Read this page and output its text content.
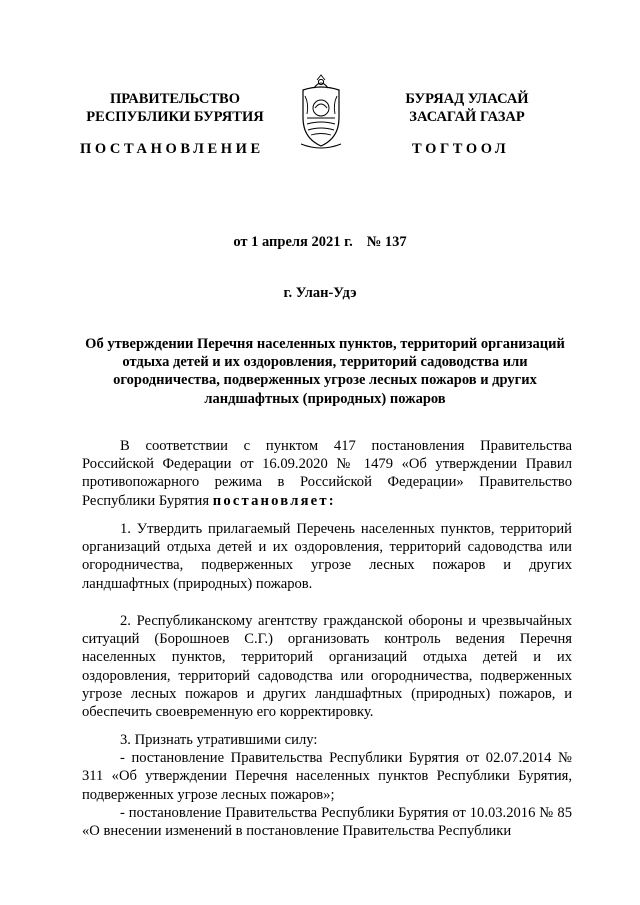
ПРАВИТЕЛЬСТВО
РЕСПУБЛИКИ БУРЯТИЯ
БУРЯАД УЛАСАЙ
ЗАСАГАЙ ГАЗАР
ПОСТАНОВЛЕНИЕ	ТОГТООЛ
от 1 апреля 2021 г. № 137
г. Улан-Удэ
Об утверждении Перечня населенных пунктов, территорий организаций отдыха детей и их оздоровления, территорий садоводства или огородничества, подверженных угрозе лесных пожаров и других ландшафтных (природных) пожаров

В соответствии с пунктом 417 постановления Правительства Российской Федерации от 16.09.2020 № 1479 «Об утверждении Правил противопожарного режима в Российской Федерации» Правительство Республики Бурятия постановляет:

1. Утвердить прилагаемый Перечень населенных пунктов, территорий организаций отдыха детей и их оздоровления, территорий садоводства или огородничества, подверженных угрозе лесных пожаров и других ландшафтных (природных) пожаров.

2. Республиканскому агентству гражданской обороны и чрезвычайных ситуаций (Борошноев С.Г.) организовать контроль ведения Перечня населенных пунктов, территорий организаций отдыха детей и их оздоровления, территорий садоводства или огородничества, подверженных угрозе лесных пожаров и других ландшафтных (природных) пожаров, и обеспечить своевременную его корректировку.

3. Признать утратившими силу:
- постановление Правительства Республики Бурятия от 02.07.2014 № 311 «Об утверждении Перечня населенных пунктов Республики Бурятия, подверженных угрозе лесных пожаров»;
- постановление Правительства Республики Бурятия от 10.03.2016 № 85 «О внесении изменений в постановление Правительства Республики
